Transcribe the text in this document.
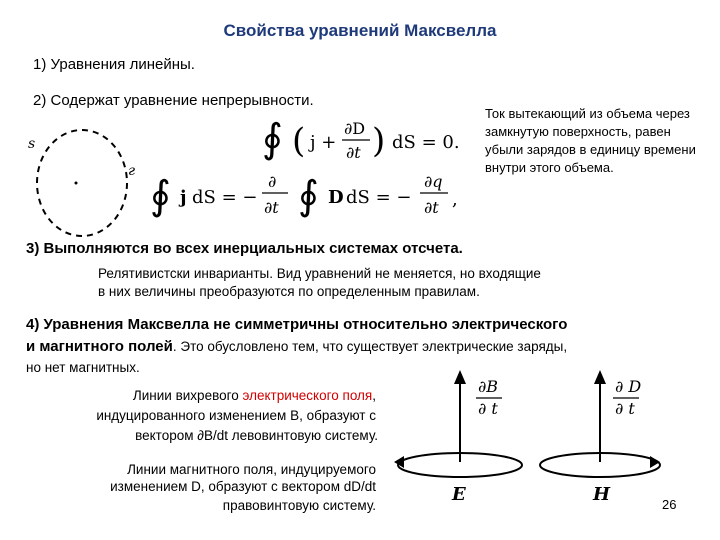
Свойства уравнений Максвелла
1) Уравнения линейны.
2) Содержат уравнение непрерывности.
Ток вытекающий из объема через замкнутую поверхность, равен убыли зарядов в единицу времени внутри этого объема.
s
г
∮ ( j +
∂D
∂t ) dS = 0.
∮ j dS = −
∂
∂t ∮ D dS = −
∂q
∂t ,
3) Выполняются во всех инерциальных системах отсчета.
Релятивистски инварианты. Вид уравнений не меняется, но входящие
в них величины преобразуются по определенным правилам.
4) Уравнения Максвелла не симметричны относительно электрического
и магнитного полей. Это обусловлено тем, что существует электрические заряды,
но нет магнитных.
Линии вихревого электрического поля,
индуцированного изменением B, образуют с
вектором ∂B/dt левовинтовую систему.
Линии магнитного поля, индуцируемого
изменением D, образуют с вектором dD/dt
правовинтовую систему.
∂B
∂ t
E
∂ D
∂ t
H	26
